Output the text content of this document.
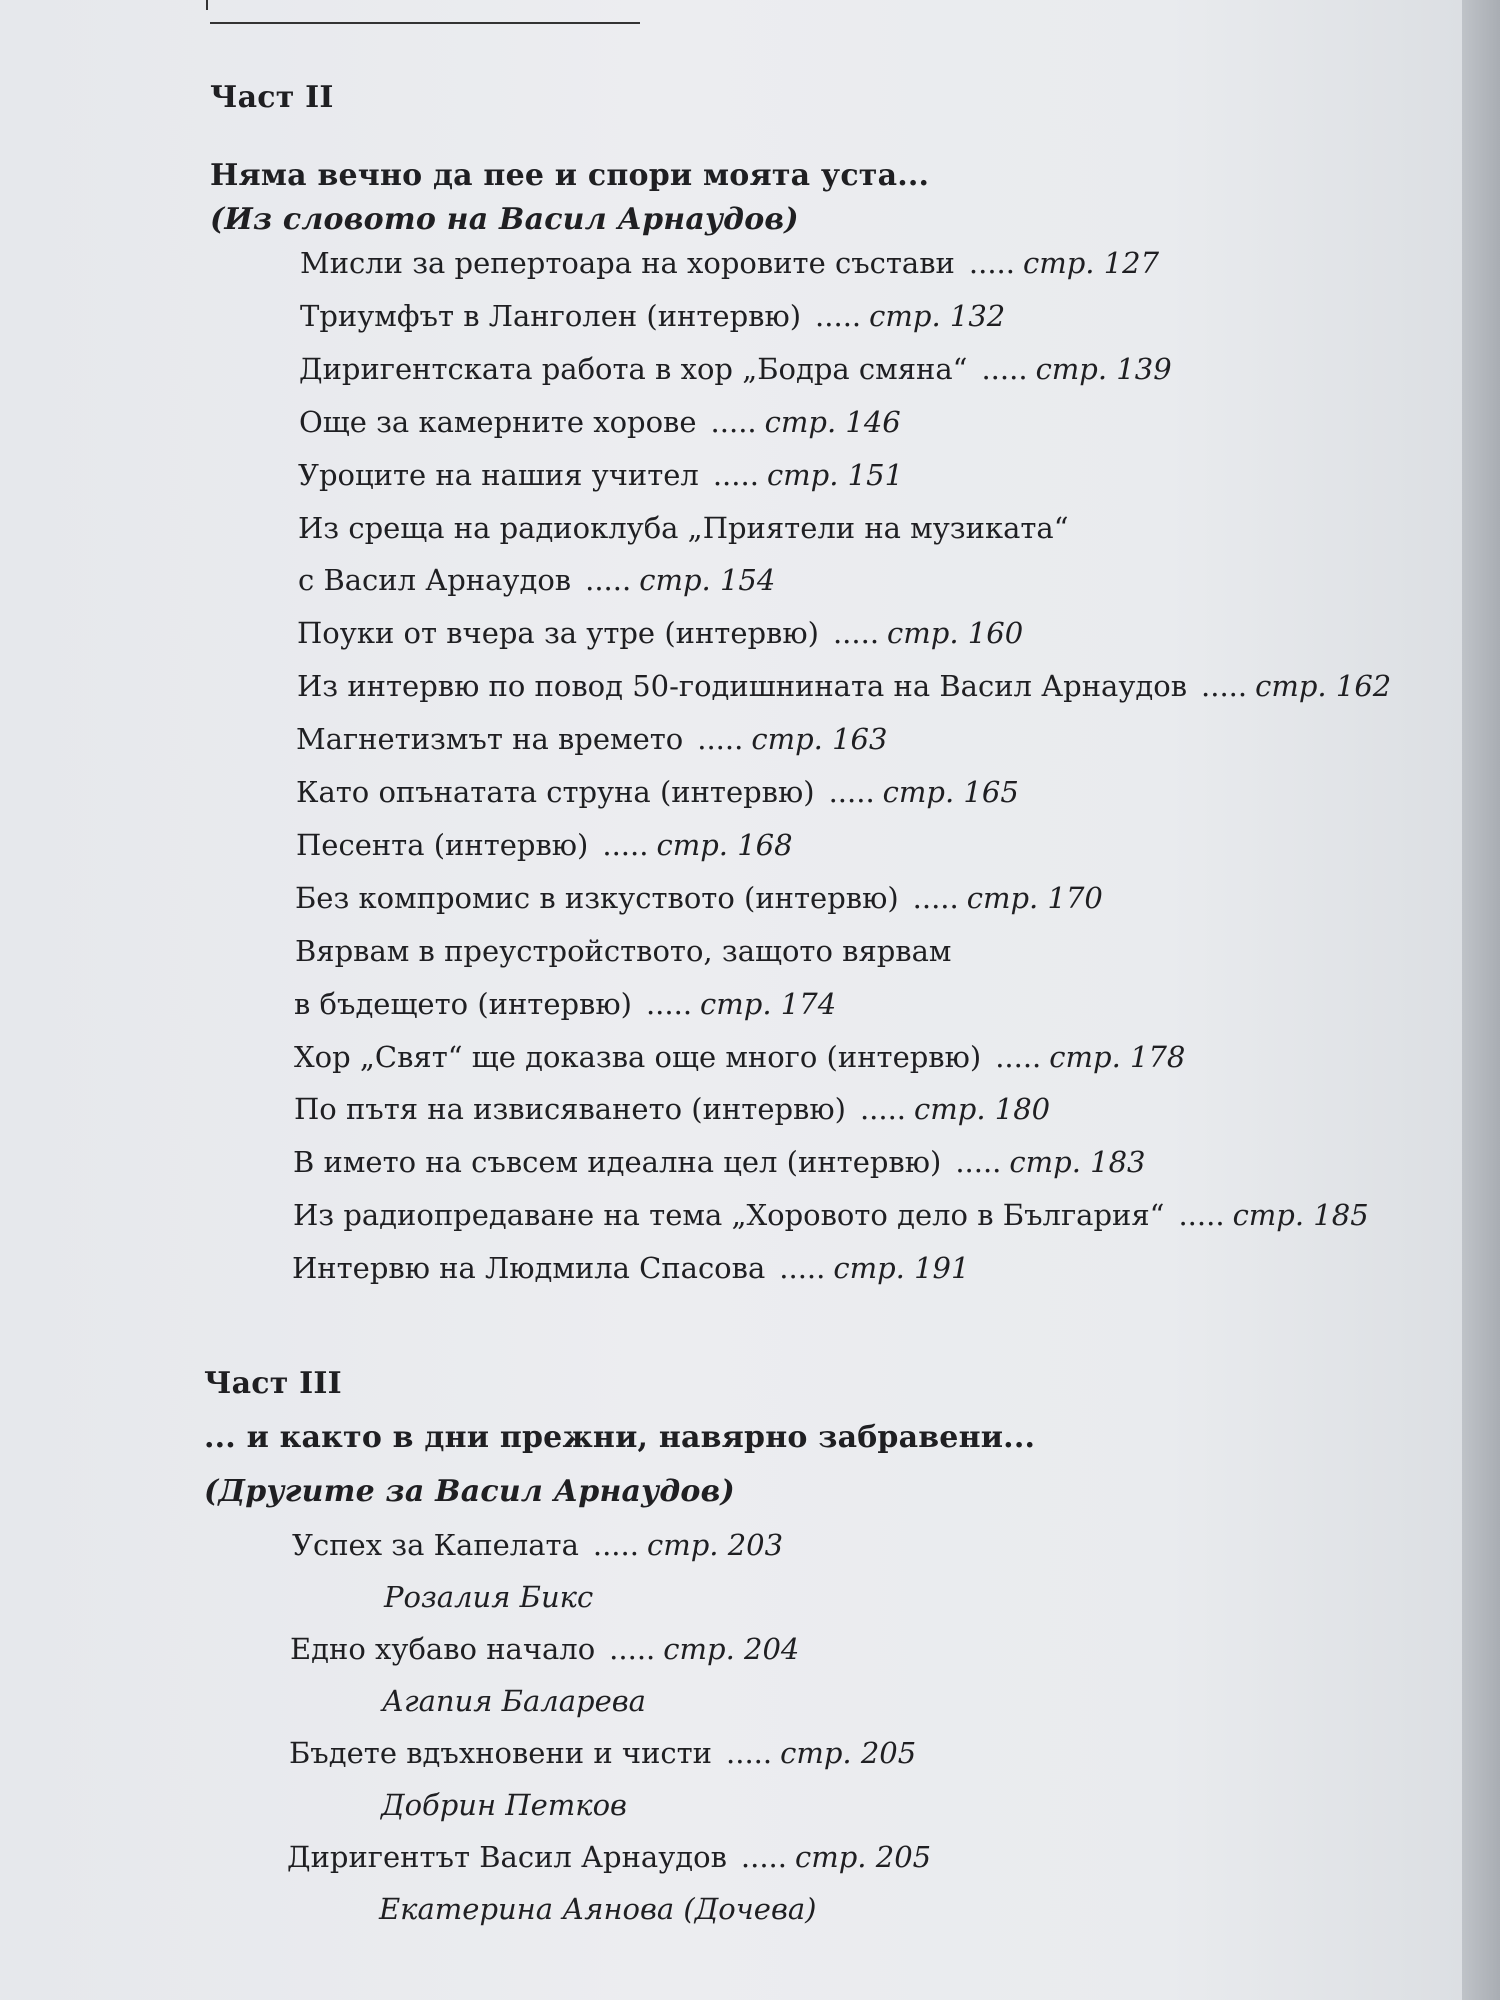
Част II
Няма вечно да пее и спори моята уста...
(Из словото на Васил Арнаудов)
Мисли за репертоара на хоровите състави ..... стр. 127
Триумфът в Ланголен (интервю) ..... стр. 132
Диригентската работа в хор „Бодра смяна“ ..... стр. 139
Още за камерните хорове ..... стр. 146
Уроците на нашия учител ..... стр. 151
Из среща на радиоклуба „Приятели на музиката“
с Васил Арнаудов ..... стр. 154
Поуки от вчера за утре (интервю) ..... стр. 160
Из интервю по повод 50-годишнината на Васил Арнаудов ..... стр. 162
Магнетизмът на времето ..... стр. 163
Като опънатата струна (интервю) ..... стр. 165
Песента (интервю) ..... стр. 168
Без компромис в изкуството (интервю) ..... стр. 170
Вярвам в преустройството, защото вярвам
в бъдещето (интервю) ..... стр. 174
Хор „Свят“ ще доказва още много (интервю) ..... стр. 178
По пътя на извисяването (интервю) ..... стр. 180
В името на съвсем идеална цел (интервю) ..... стр. 183
Из радиопредаване на тема „Хоровото дело в България“ ..... стр. 185
Интервю на Людмила Спасова ..... стр. 191
Част III
... и както в дни прежни, навярно забравени...
(Другите за Васил Арнаудов)
Успех за Капелата ..... стр. 203
Розалия Бикс
Едно хубаво начало ..... стр. 204
Агапия Баларева
Бъдете вдъхновени и чисти ..... стр. 205
Добрин Петков
Диригентът Васил Арнаудов ..... стр. 205
Екатерина Аянова (Дочева)
